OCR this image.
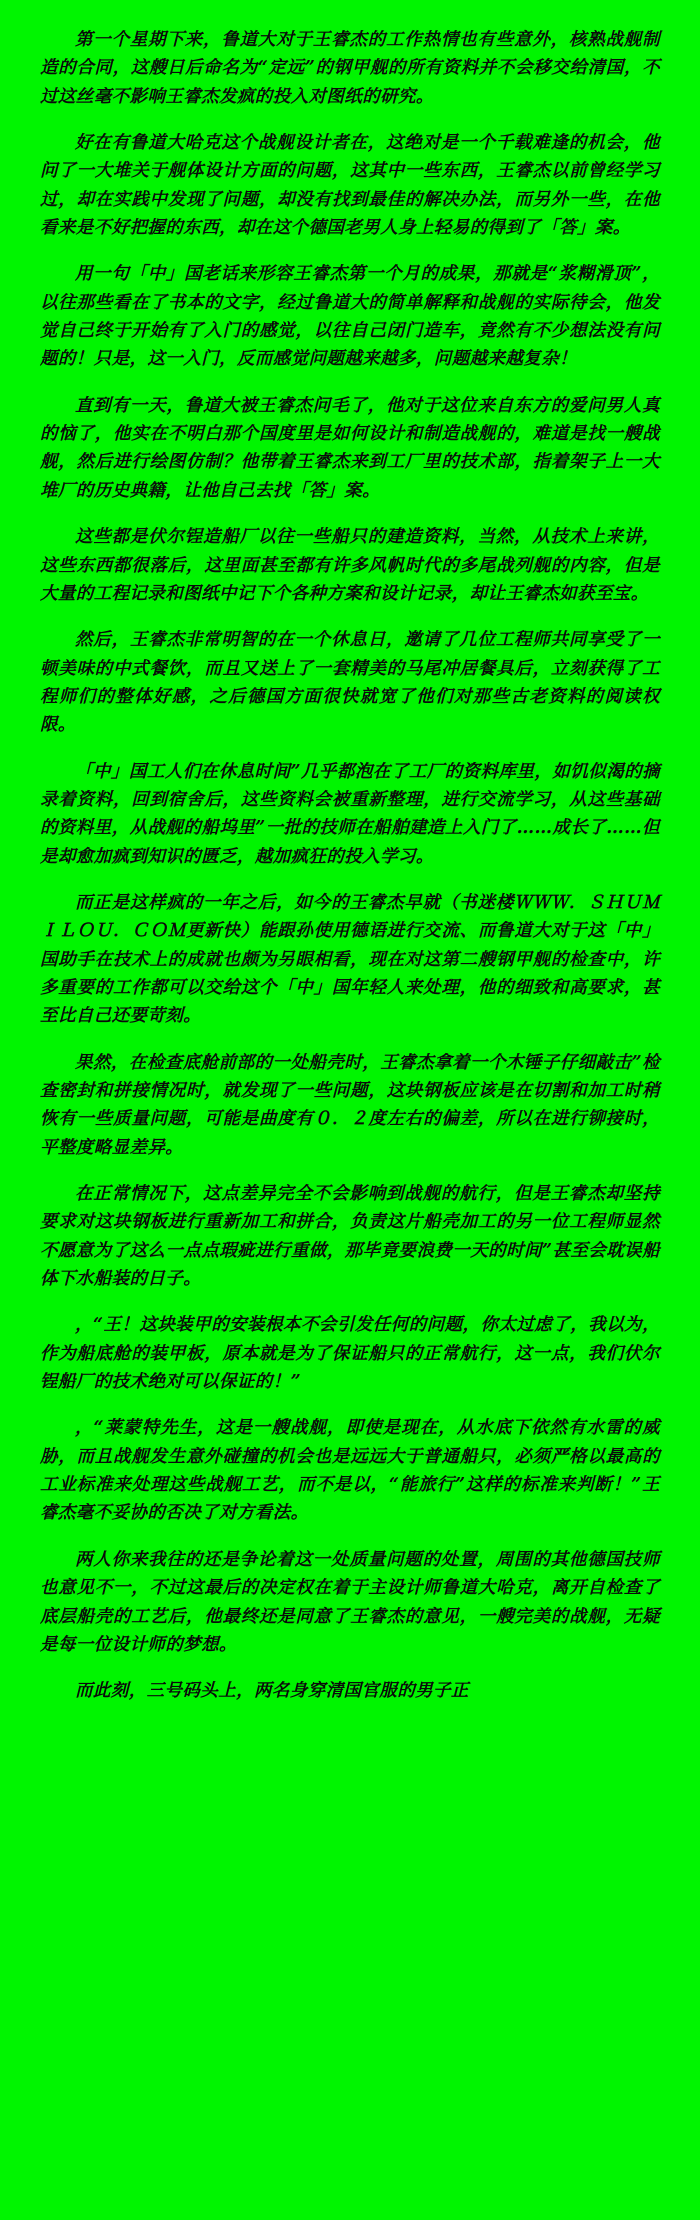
第一个星期下来，鲁道大对于王睿杰的工作热情也有些意外，核熟战舰制造的合同，这艘日后命名为“定远”的钢甲舰的所有资料并不会移交给清国，不过这丝毫不影响王睿杰发疯的投入对图纸的研究。

好在有鲁道大哈克这个战舰设计者在，这绝对是一个千载难逢的机会，他问了一大堆关于舰体设计方面的问题，这其中一些东西，王睿杰以前曾经学习过，却在实践中发现了问题，却没有找到最佳的解决办法，而另外一些，在他看来是不好把握的东西，却在这个德国老男人身上轻易的得到了「答」案。

用一句「中」国老话来形容王睿杰第一个月的成果，那就是“浆糊滑顶”，以往那些看在了书本的文字，经过鲁道大的简单解释和战舰的实际待会，他发觉自己终于开始有了入门的感觉，以往自己闭门造车，竟然有不少想法没有问题的！只是，这一入门，反而感觉问题越来越多，问题越来越复杂！

直到有一天，鲁道大被王睿杰问毛了，他对于这位来自东方的爱问男人真的恼了，他实在不明白那个国度里是如何设计和制造战舰的，难道是找一艘战舰，然后进行绘图仿制？他带着王睿杰来到工厂里的技术部，指着架子上一大堆厂的历史典籍，让他自己去找「答」案。

这些都是伏尔锃造船厂以往一些船只的建造资料，当然，从技术上来讲，这些东西都很落后，这里面甚至都有许多风帆时代的多尾战列舰的内容，但是大量的工程记录和图纸中记下个各种方案和设计记录，却让王睿杰如获至宝。

然后，王睿杰非常明智的在一个休息日，邀请了几位工程师共同享受了一顿美味的中式餐饮，而且又送上了一套精美的马尾冲居餐具后，立刻获得了工程师们的整体好感，之后德国方面很快就宽了他们对那些古老资料的阅读权限。

「中」国工人们在休息时间”几乎都泡在了工厂的资料库里，如饥似渴的摘录着资料，回到宿舍后，这些资料会被重新整理，进行交流学习，从这些基础的资料里，从战舰的船坞里”一批的技师在船舶建造上入门了……成长了……但是却愈加疯到知识的匮乏，越加疯狂的投入学习。

而正是这样疯的一年之后，如今的王睿杰早就（书迷楼ＷＷＷ．ＳＨＵＭＩＬＯＵ．ＣＯＭ更新快）能跟孙使用德语进行交流、而鲁道大对于这「中」国助手在技术上的成就也颇为另眼相看，现在对这第二艘钢甲舰的检查中，许多重要的工作都可以交给这个「中」国年轻人来处理，他的细致和高要求，甚至比自己还要苛刻。

果然，在检查底舱前部的一处船壳时，王睿杰拿着一个木锤子仔细敲击”检查密封和拼接情况时，就发现了一些问题，这块钢板应该是在切割和加工时稍恢有一些质量问题，可能是曲度有０．２度左右的偏差，所以在进行铆接时，平整度略显差异。

在正常情况下，这点差异完全不会影响到战舰的航行，但是王睿杰却坚持要求对这块钢板进行重新加工和拼合，负责这片船壳加工的另一位工程师显然不愿意为了这么一点点瑕疵进行重做，那毕竟要浪费一天的时间”甚至会耽误船体下水船装的日子。

，“王！这块装甲的安装根本不会引发任何的问题，你太过虑了，我以为，作为船底舱的装甲板，原本就是为了保证船只的正常航行，这一点，我们伏尔锃船厂的技术绝对可以保证的！”

，“莱蒙特先生，这是一艘战舰，即使是现在，从水底下依然有水雷的威胁，而且战舰发生意外碰撞的机会也是远远大于普通船只，必须严格以最高的工业标准来处理这些战舰工艺，而不是以，“能旅行”这样的标准来判断！”王睿杰毫不妥协的否决了对方看法。

两人你来我往的还是争论着这一处质量问题的处置，周围的其他德国技师也意见不一，不过这最后的决定权在着于主设计师鲁道大哈克，离开自检查了底层船壳的工艺后，他最终还是同意了王睿杰的意见，一艘完美的战舰，无疑是每一位设计师的梦想。

而此刻，三号码头上，两名身穿清国官服的男子正
